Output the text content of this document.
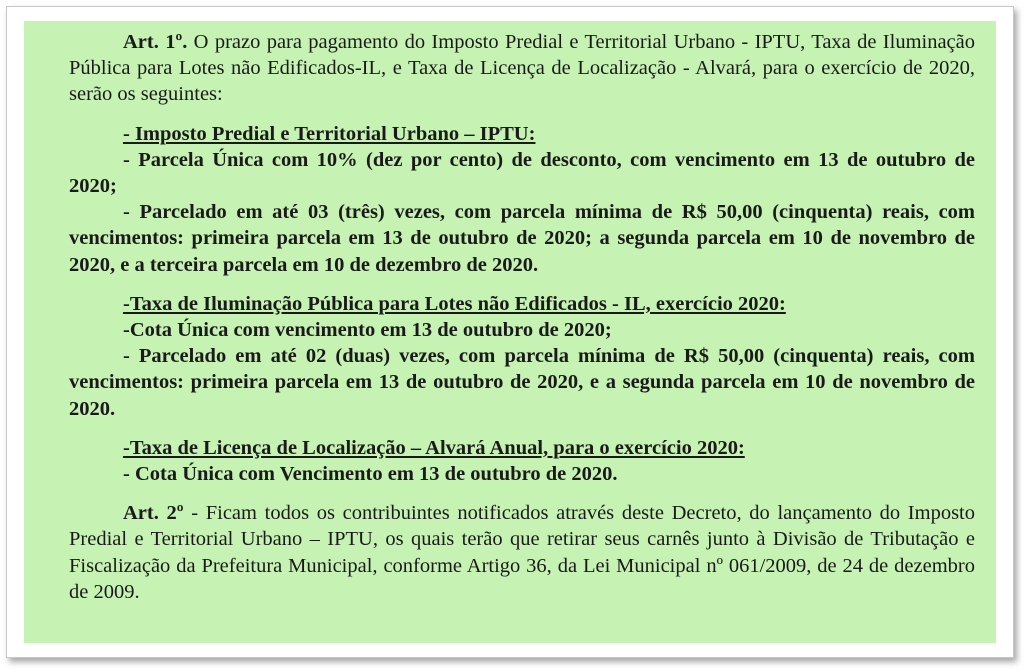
Art. 1º. O prazo para pagamento do Imposto Predial e Territorial Urbano - IPTU, Taxa de Iluminação Pública para Lotes não Edificados-IL, e Taxa de Licença de Localização - Alvará, para o exercício de 2020, serão os seguintes:

- Imposto Predial e Territorial Urbano – IPTU:

- Parcela Única com 10% (dez por cento) de desconto, com vencimento em 13 de outubro de 2020;

- Parcelado em até 03 (três) vezes, com parcela mínima de R$ 50,00 (cinquenta) reais, com vencimentos: primeira parcela em 13 de outubro de 2020; a segunda parcela em 10 de novembro de 2020, e a terceira parcela em 10 de dezembro de 2020.

-Taxa de Iluminação Pública para Lotes não Edificados - IL, exercício 2020:

-Cota Única com vencimento em 13 de outubro de 2020;

- Parcelado em até 02 (duas) vezes, com parcela mínima de R$ 50,00 (cinquenta) reais, com vencimentos: primeira parcela em 13 de outubro de 2020, e a segunda parcela em 10 de novembro de 2020.

-Taxa de Licença de Localização – Alvará Anual, para o exercício 2020:

- Cota Única com Vencimento em 13 de outubro de 2020.

Art. 2º - Ficam todos os contribuintes notificados através deste Decreto, do lançamento do Imposto Predial e Territorial Urbano – IPTU, os quais terão que retirar seus carnês junto à Divisão de Tributação e Fiscalização da Prefeitura Municipal, conforme Artigo 36, da Lei Municipal nº 061/2009, de 24 de dezembro de 2009.
